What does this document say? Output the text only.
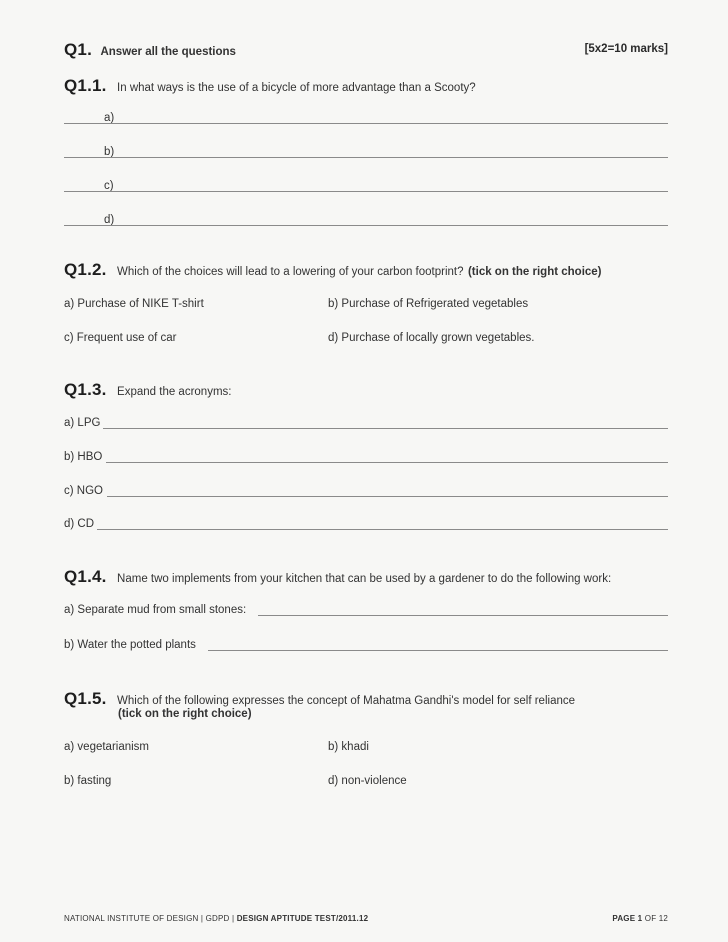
Q1. Answer all the questions	[5x2=10 marks]
Q1.1. In what ways is the use of a bicycle of more advantage than a Scooty?
a)
b)
c)
d)
Q1.2. Which of the choices will lead to a lowering of your carbon footprint? (tick on the right choice)
a) Purchase of NIKE T-shirt	b) Purchase of Refrigerated vegetables
c) Frequent use of car	d) Purchase of locally grown vegetables.
Q1.3. Expand the acronyms:
a) LPG
b) HBO
c) NGO
d) CD
Q1.4. Name two implements from your kitchen that can be used by a gardener to do the following work:
a) Separate mud from small stones:
b) Water the potted plants
Q1.5. Which of the following expresses the concept of Mahatma Gandhi's model for self reliance
(tick on the right choice)
a) vegetarianism	b) khadi
b) fasting	d) non-violence
NATIONAL INSTITUTE OF DESIGN | GDPD | DESIGN APTITUDE TEST/2011.12	PAGE 1 OF 12
